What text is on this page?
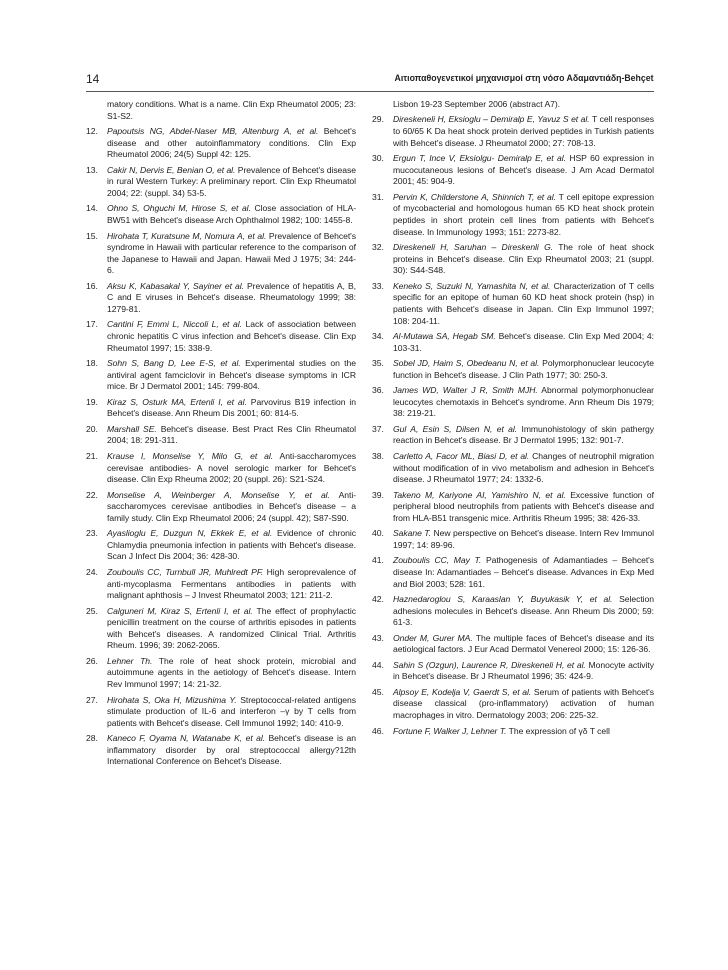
14	Αιτιοπαθογενετικοί μηχανισμοί στη νόσο Αδαμαντιάδη-Behçet

matory conditions. What is a name. Clin Exp Rheumatol 2005; 23: S1-S2.

12. Papoutsis NG, Abdel-Naser MB, Altenburg A, et al. Behcet's disease and other autoinflammatory conditions. Clin Exp Rheumatol 2006; 24(5) Suppl 42: 125.

13. Cakir N, Dervis E, Benian O, et al. Prevalence of Behcet's disease in rural Western Turkey: A preliminary report. Clin Exp Rheumatol 2004; 22: (suppl. 34) 53-5.

14. Ohno S, Ohguchi M, Hirose S, et al. Close association of HLA-BW51 with Behcet's disease Arch Ophthalmol 1982; 100: 1455-8.

15. Hirohata T, Kuratsune M, Nomura A, et al. Prevalence of Behcet's syndrome in Hawaii with particular reference to the comparison of the Japanese to Hawaii and Japan. Hawaii Med J 1975; 34: 244-6.

16. Aksu K, Kabasakal Y, Sayiner et al. Prevalence of hepatitis A, B, C and E viruses in Behcet's disease. Rheumatology 1999; 38: 1279-81.

17. Cantini F, Emmi L, Niccoli L, et al. Lack of association between chronic hepatitis C virus infection and Behcet's disease. Clin Exp Rheumatol 1997; 15: 338-9.

18. Sohn S, Bang D, Lee E-S, et al. Experimental studies on the antiviral agent famciclovir in Behcet's disease symptoms in ICR mice. Br J Dermatol 2001; 145: 799-804.

19. Kiraz S, Osturk MA, Ertenli I, et al. Parvovirus B19 infection in Behcet's disease. Ann Rheum Dis 2001; 60: 814-5.

20. Marshall SE. Behcet's disease. Best Pract Res Clin Rheumatol 2004; 18: 291-311.

21. Krause I, Monselise Y, Milo G, et al. Anti-saccharomyces cerevisae antibodies- A novel serologic marker for Behcet's disease. Clin Exp Rheuma 2002; 20 (suppl. 26): S21-S24.

22. Monselise A, Weinberger A, Monselise Y, et al. Anti-saccharomyces cerevisae antibodies in Behcet's disease – a family study. Clin Exp Rheumatol 2006; 24 (suppl. 42); S87-S90.

23. Ayaslioglu E, Duzgun N, Ekkek E, et al. Evidence of chronic Chlamydia pneumonia infection in patients with Behcet's disease. Scan J Infect Dis 2004; 36: 428-30.

24. Zouboulis CC, Turnbull JR, Muhlredt PF. High seroprevalence of anti-mycoplasma Fermentans antibodies in patients with malignant aphthosis – J Invest Rheumatol 2003; 121: 211-2.

25. Calguneri M, Kiraz S, Ertenli I, et al. The effect of prophylactic penicillin treatment on the course of arthritis episodes in patients with Behcet's diseases. A randomized Clinical Trial. Arthritis Rheum. 1996; 39: 2062-2065.

26. Lehner Th. The role of heat shock protein, microbial and autoimmune agents in the aetiology of Behcet's disease. Intern Rev Immunol 1997; 14: 21-32.

27. Hirohata S, Oka H, Mizushima Y. Streptococcal-related antigens stimulate production of IL-6 and interferon –γ by T cells from patients with Behcet's disease. Cell Immunol 1992; 140: 410-9.

28. Kaneco F, Oyama N, Watanabe K, et al. Behcet's disease is an inflammatory disorder by oral streptococcal allergy?12th International Conference on Behcet's Disease.

Lisbon 19-23 September 2006 (abstract A7).

29. Direskeneli H, Eksioglu – Demiralp E, Yavuz S et al. T cell responses to 60/65 K Da heat shock protein derived peptides in Turkish patients with Behcet's disease. J Rheumatol 2000; 27: 708-13.

30. Ergun T, Ince V, Eksiolgu- Demiralp E, et al. HSP 60 expression in mucocutaneous lesions of Behcet's disease. J Am Acad Dermatol 2001; 45: 904-9.

31. Pervin K, Childerstone A, Shinnich T, et al. T cell epitope expression of mycobacterial and homologous human 65 KD heat shock protein peptides in short protein cell lines from patients with Behcet's disease. In Immunology 1993; 151: 2273-82.

32. Direskeneli H, Saruhan – Direskenli G. The role of heat shock proteins in Behcet's disease. Clin Exp Rheumatol 2003; 21 (suppl. 30): S44-S48.

33. Keneko S, Suzuki N, Yamashita N, et al. Characterization of T cells specific for an epitope of human 60 KD heat shock protein (hsp) in patients with Behcet's disease in Japan. Clin Exp Immunol 1997; 108: 204-11.

34. Al-Mutawa SA, Hegab SM. Behcet's disease. Clin Exp Med 2004; 4: 103-31.

35. Sobel JD, Haim S, Obedeanu N, et al. Polymorphonuclear leucocyte function in Behcet's disease. J Clin Path 1977; 30: 250-3.

36. James WD, Walter J R, Smith MJH. Abnormal polymorphonuclear leucocytes chemotaxis in Behcet's syndrome. Ann Rheum Dis 1979; 38: 219-21.

37. Gul A, Esin S, Dilsen N, et al. Immunohistology of skin pathergy reaction in Behcet's disease. Br J Dermatol 1995; 132: 901-7.

38. Carletto A, Facor ML, Biasi D, et al. Changes of neutrophil migration without modification of in vivo metabolism and adhesion in Behcet's disease. J Rheumatol 1977; 24: 1332-6.

39. Takeno M, Kariyone AI, Yamishiro N, et al. Excessive function of peripheral blood neutrophils from patients with Behcet's disease and from HLA-B51 transgenic mice. Arthritis Rheum 1995; 38: 426-33.

40. Sakane T. New perspective on Behcet's disease. Intern Rev Immunol 1997; 14: 89-96.

41. Zouboulis CC, May T. Pathogenesis of Adamantiades – Behcet's disease In: Adamantiades – Behcet's disease. Advances in Exp Med and Biol 2003; 528: 161.

42. Haznedaroglou S, Karaaslan Y, Buyukasik Y, et al. Selection adhesions molecules in Behcet's disease. Ann Rheum Dis 2000; 59: 61-3.

43. Onder M, Gurer MA. The multiple faces of Behcet's disease and its aetiological factors. J Eur Acad Dermatol Venereol 2000; 15: 126-36.

44. Sahin S (Ozgun), Laurence R, Direskeneli H, et al. Monocyte activity in Behcet's disease. Br J Rheumatol 1996; 35: 424-9.

45. Alpsoy E, Kodelja V, Gaerdt S, et al. Serum of patients with Behcet's disease classical (pro-inflammatory) activation of human macrophages in vitro. Dermatology 2003; 206: 225-32.

46. Fortune F, Walker J, Lehner T. The expression of γδ T cell
